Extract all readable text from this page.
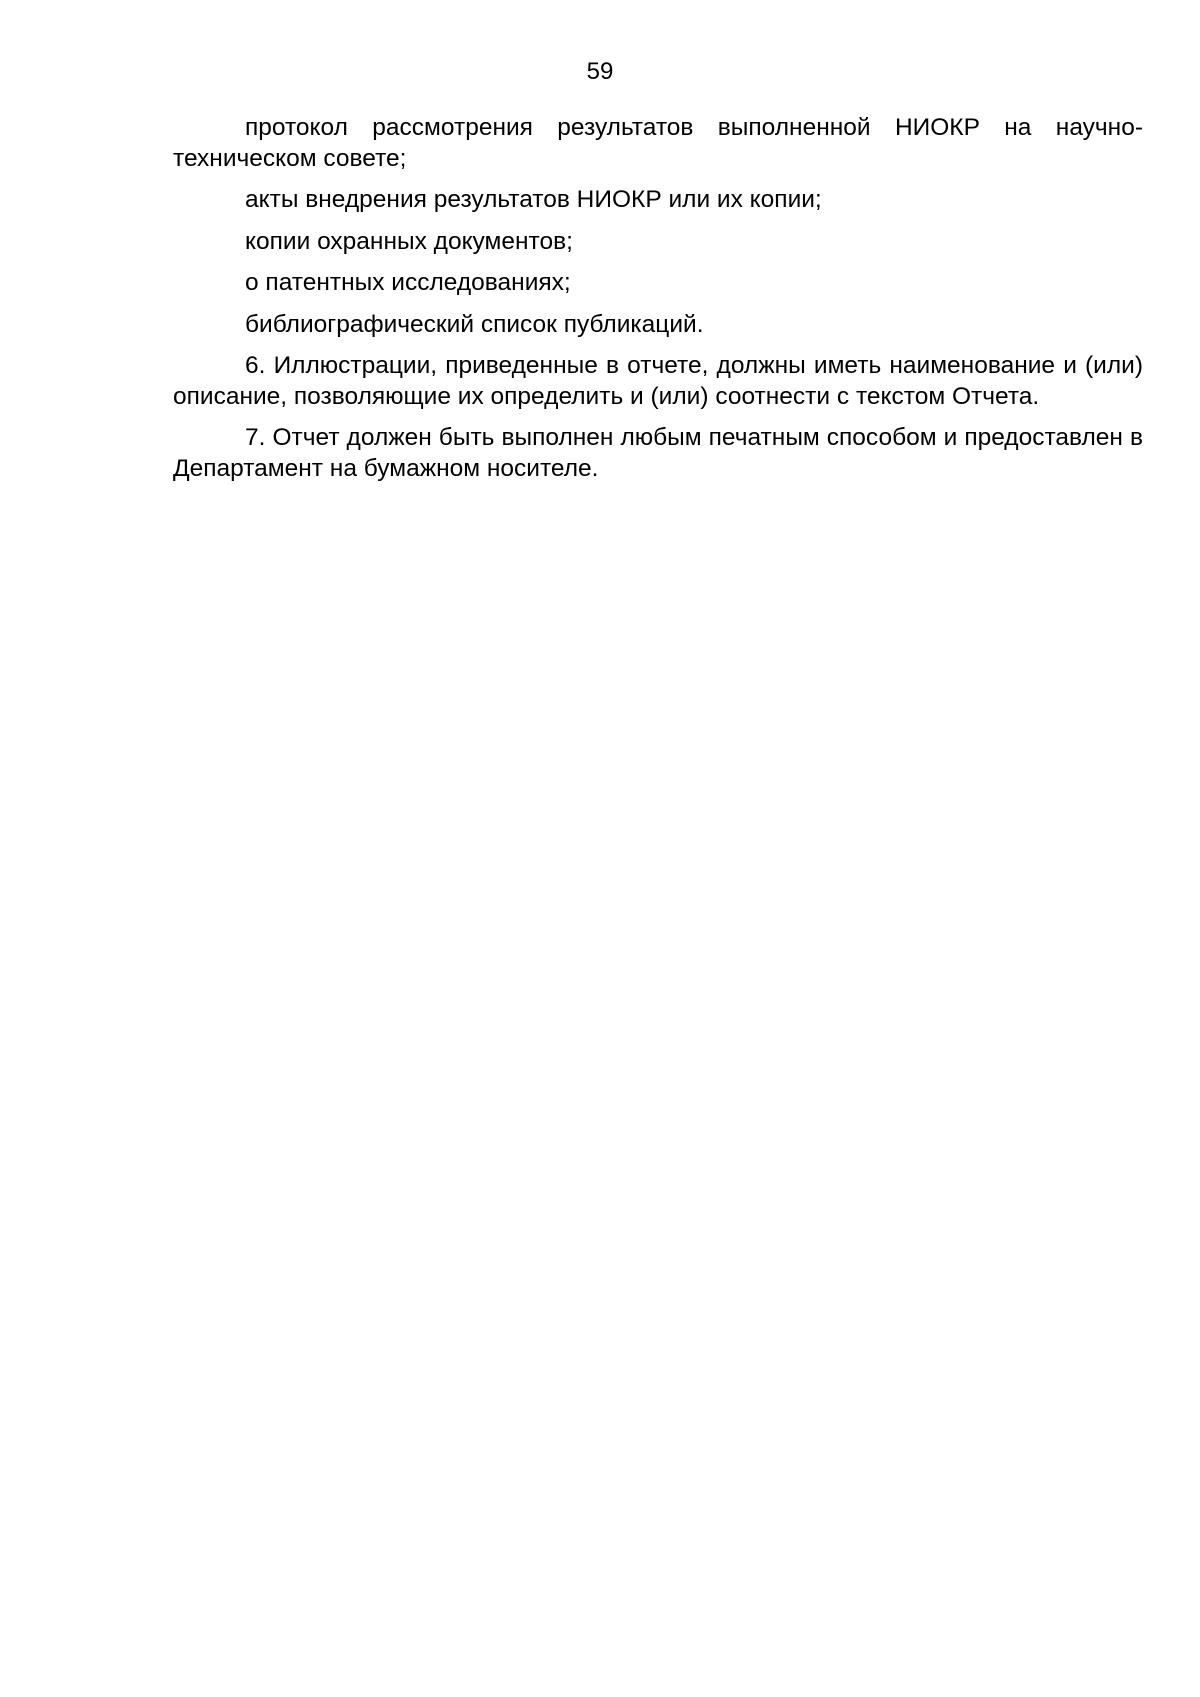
59

протокол рассмотрения результатов выполненной НИОКР на научно-техническом совете;

акты внедрения результатов НИОКР или их копии;

копии охранных документов;

о патентных исследованиях;

библиографический список публикаций.

6. Иллюстрации, приведенные в отчете, должны иметь наименование и (или) описание, позволяющие их определить и (или) соотнести с текстом Отчета.

7. Отчет должен быть выполнен любым печатным способом и предоставлен в Департамент на бумажном носителе.
